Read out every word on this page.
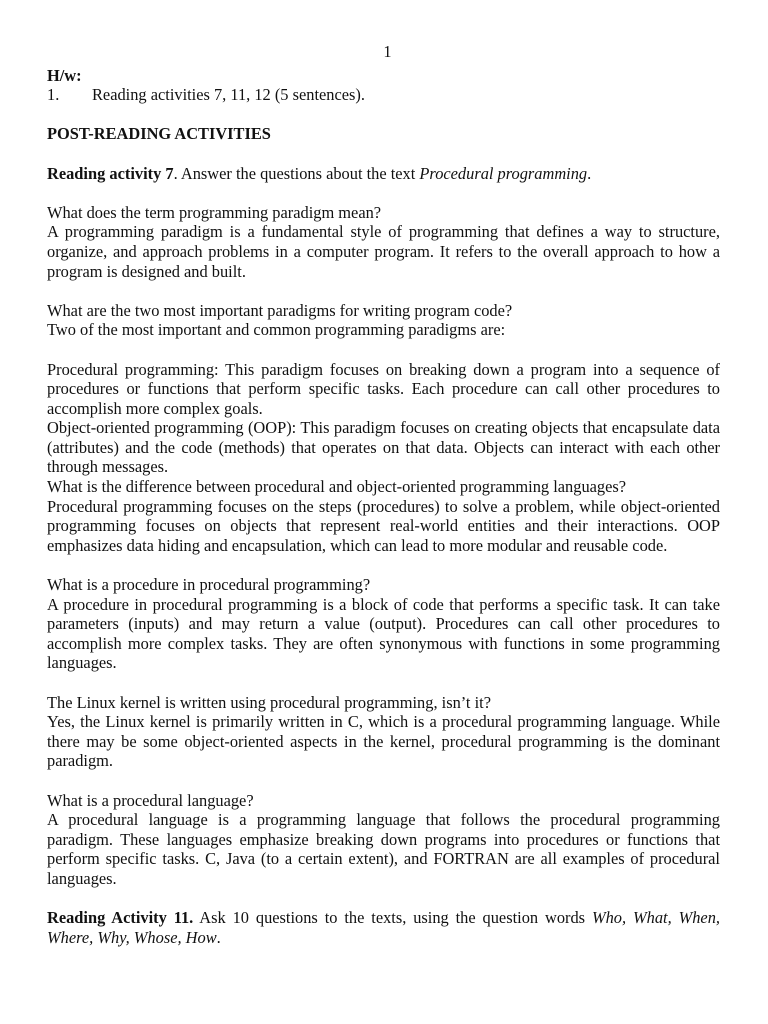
1

H/w:

1.	Reading activities 7, 11, 12 (5 sentences).

POST-READING ACTIVITIES

Reading activity 7. Answer the questions about the text Procedural programming.

What does the term programming paradigm mean?

A programming paradigm is a fundamental style of programming that defines a way to structure, organize, and approach problems in a computer program. It refers to the overall approach to how a program is designed and built.

What are the two most important paradigms for writing program code?

Two of the most important and common programming paradigms are:

Procedural programming: This paradigm focuses on breaking down a program into a sequence of procedures or functions that perform specific tasks. Each procedure can call other procedures to accomplish more complex goals.

Object-oriented programming (OOP): This paradigm focuses on creating objects that encapsulate data (attributes) and the code (methods) that operates on that data. Objects can interact with each other through messages.

What is the difference between procedural and object-oriented programming languages?

Procedural programming focuses on the steps (procedures) to solve a problem, while object-oriented programming focuses on objects that represent real-world entities and their interactions. OOP emphasizes data hiding and encapsulation, which can lead to more modular and reusable code.

What is a procedure in procedural programming?

A procedure in procedural programming is a block of code that performs a specific task. It can take parameters (inputs) and may return a value (output). Procedures can call other procedures to accomplish more complex tasks. They are often synonymous with functions in some programming languages.

The Linux kernel is written using procedural programming, isn’t it?

Yes, the Linux kernel is primarily written in C, which is a procedural programming language. While there may be some object-oriented aspects in the kernel, procedural programming is the dominant paradigm.

What is a procedural language?

A procedural language is a programming language that follows the procedural programming paradigm. These languages emphasize breaking down programs into procedures or functions that perform specific tasks. C, Java (to a certain extent), and FORTRAN are all examples of procedural languages.

Reading Activity 11. Ask 10 questions to the texts, using the question words Who, What, When, Where, Why, Whose, How.
